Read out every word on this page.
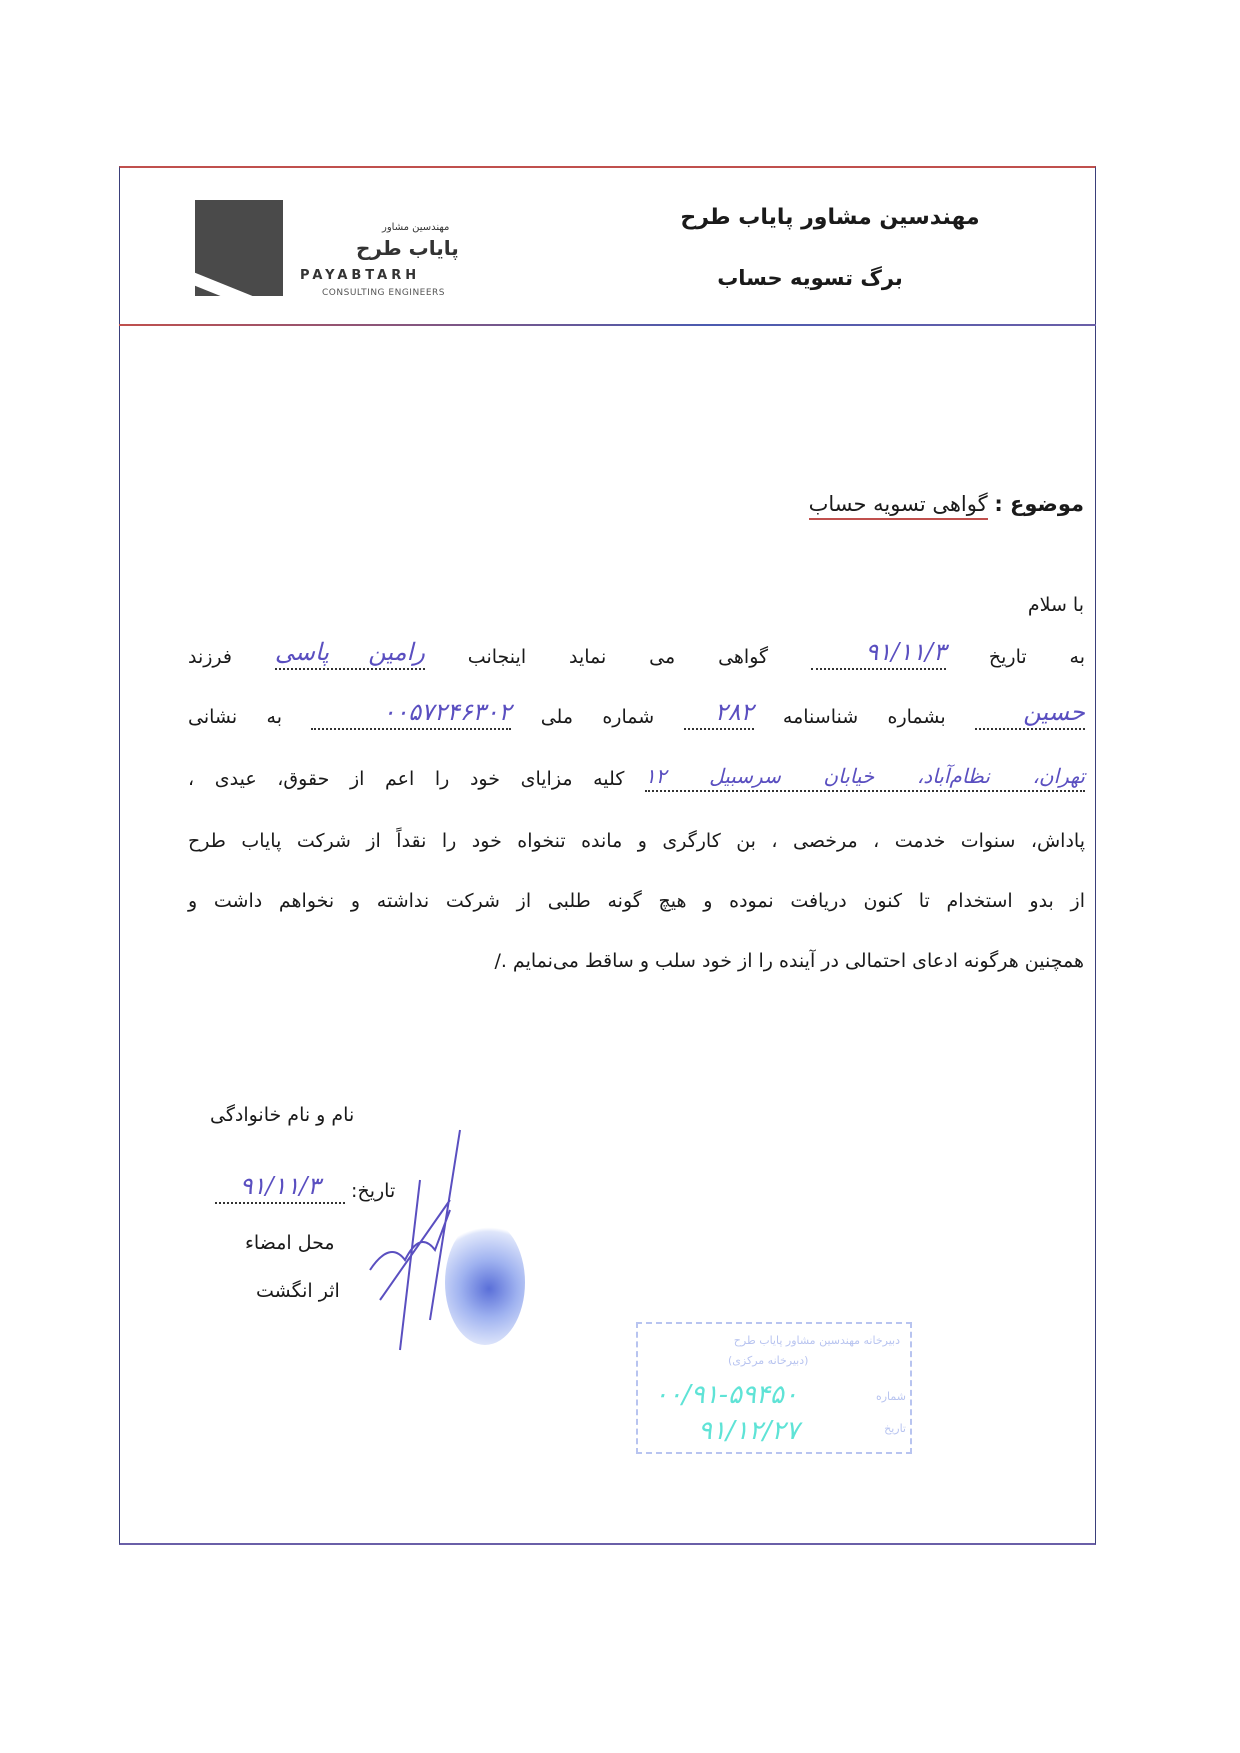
مهندسین مشاور
پایاب طرح
PAYABTARH
CONSULTING ENGINEERS
مهندسین مشاور پایاب طرح
برگ تسویه حساب
موضوع : گواهی تسویه حساب
با سلام
به تاریخ
۹۱/۱۱/۳
گواهی می نماید اینجانب
رامین پاسی
فرزند
حسین
بشماره شناسنامه
۲۸۲
شماره ملی
۰۰۵۷۲۴۶۳۰۲
به نشانی
تهران، نظام‌آباد، خیابان سرسبیل ۱۲
کلیه مزایای خود را اعم از حقوق، عیدی ،
پاداش، سنوات خدمت ، مرخصی ، بن کارگری و مانده تنخواه خود را نقداً از شرکت پایاب طرح
از بدو استخدام تا کنون دریافت نموده و هیچ گونه طلبی از شرکت نداشته و نخواهم داشت و
همچنین هرگونه ادعای احتمالی در آینده را از خود سلب و ساقط می‌نمایم ./
نام و نام خانوادگی
تاریخ:
۹۱/۱۱/۳

محل امضاء
اثر انگشت
دبیرخانه مهندسین مشاور پایاب طرح
(دبیرخانه مرکزی)
شماره
تاریخ
۰۰/۹۱-۵۹۴۵۰
۹۱/۱۲/۲۷
